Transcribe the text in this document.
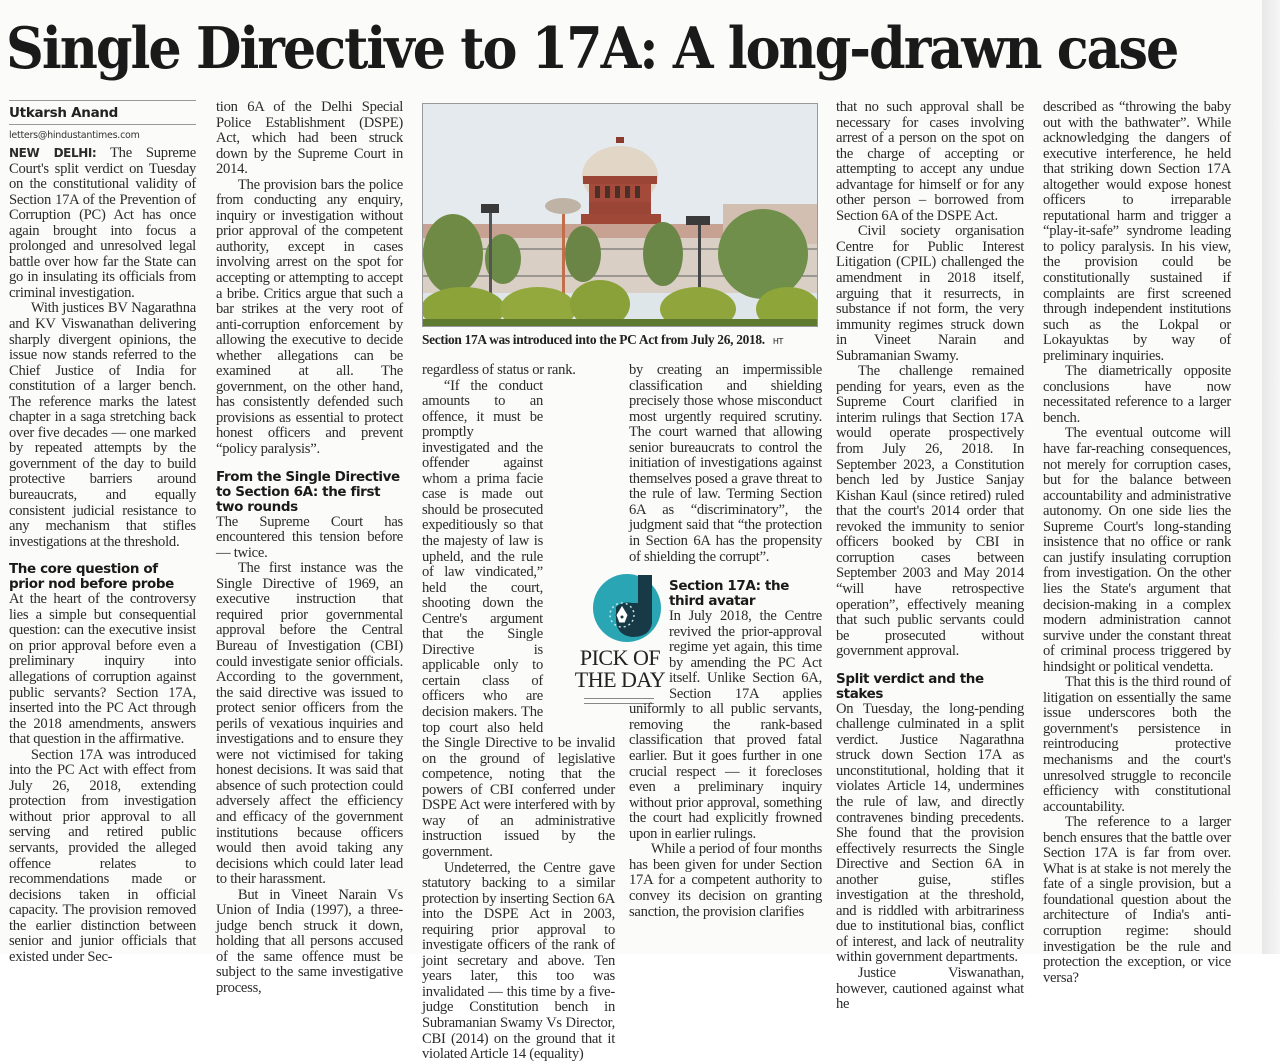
Single Directive to 17A: A long-drawn case
Utkarsh Anand
letters@hindustantimes.com

NEW DELHI: The Supreme Court's split verdict on Tuesday on the constitutional validity of Section 17A of the Prevention of Corruption (PC) Act has once again brought into focus a prolonged and unresolved legal battle over how far the State can go in insulating its officials from criminal investigation.

With justices BV Nagarathna and KV Viswanathan delivering sharply divergent opinions, the issue now stands referred to the Chief Justice of India for constitution of a larger bench. The reference marks the latest chapter in a saga stretching back over five decades — one marked by repeated attempts by the government of the day to build protective barriers around bureaucrats, and equally consistent judicial resistance to any mechanism that stifles investigations at the threshold.

The core question of prior nod before probe

At the heart of the controversy lies a simple but consequential question: can the executive insist on prior approval before even a preliminary inquiry into allegations of corruption against public servants? Section 17A, inserted into the PC Act through the 2018 amendments, answers that question in the affirmative.

Section 17A was introduced into the PC Act with effect from July 26, 2018, extending protection from investigation without prior approval to all serving and retired public servants, provided the alleged offence relates to recommendations made or decisions taken in official capacity. The provision removed the earlier distinction between senior and junior officials that existed under Sec-

tion 6A of the Delhi Special Police Establishment (DSPE) Act, which had been struck down by the Supreme Court in 2014.

The provision bars the police from conducting any enquiry, inquiry or investigation without prior approval of the competent authority, except in cases involving arrest on the spot for accepting or attempting to accept a bribe. Critics argue that such a bar strikes at the very root of anti-corruption enforcement by allowing the executive to decide whether allegations can be examined at all. The government, on the other hand, has consistently defended such provisions as essential to protect honest officers and prevent “policy paralysis”.

From the Single Directive to Section 6A: the first two rounds

The Supreme Court has encountered this tension before — twice.

The first instance was the Single Directive of 1969, an executive instruction that required prior governmental approval before the Central Bureau of Investigation (CBI) could investigate senior officials. According to the government, the said directive was issued to protect senior officers from the perils of vexatious inquiries and investigations and to ensure they were not victimised for taking honest decisions. It was said that absence of such protection could adversely affect the efficiency and efficacy of the government institutions because officers would then avoid taking any decisions which could later lead to their harassment.

But in Vineet Narain Vs Union of India (1997), a three-judge bench struck it down, holding that all persons accused of the same offence must be subject to the same investigative process,

Section 17A was introduced into the PC Act from July 26, 2018. HT

regardless of status or rank.

“If the conduct amounts to an offence, it must be promptly investigated and the offender against whom a prima facie case is made out should be prosecuted expeditiously so that the majesty of law is upheld, and the rule of law vindicated,” held the court, shooting down the Centre's argument that the Single Directive is applicable only to certain class of officers who are decision makers. The top court also held the Single Directive to be invalid on the ground of legislative competence, noting that the powers of CBI conferred under DSPE Act were interfered with by way of an administrative instruction issued by the government.

Undeterred, the Centre gave statutory backing to a similar protection by inserting Section 6A into the DSPE Act in 2003, requiring prior approval to investigate officers of the rank of joint secretary and above. Ten years later, this too was invalidated — this time by a five-judge Constitution bench in Subramanian Swamy Vs Director, CBI (2014) on the ground that it violated Article 14 (equality)

PICK OF
THE DAY

by creating an impermissible classification and shielding precisely those whose misconduct most urgently required scrutiny. The court warned that allowing senior bureaucrats to control the initiation of investigations against themselves posed a grave threat to the rule of law. Terming Section 6A as “discriminatory”, the judgment said that “the protection in Section 6A has the propensity of shielding the corrupt”.

Section 17A: the third avatar

In July 2018, the Centre revived the prior-approval regime yet again, this time by amending the PC Act itself. Unlike Section 6A, Section 17A applies uniformly to all public servants, removing the rank-based classification that proved fatal earlier. But it goes further in one crucial respect — it forecloses even a preliminary inquiry without prior approval, something the court had explicitly frowned upon in earlier rulings.

While a period of four months has been given for under Section 17A for a competent authority to convey its decision on granting sanction, the provision clarifies

that no such approval shall be necessary for cases involving arrest of a person on the spot on the charge of accepting or attempting to accept any undue advantage for himself or for any other person – borrowed from Section 6A of the DSPE Act.

Civil society organisation Centre for Public Interest Litigation (CPIL) challenged the amendment in 2018 itself, arguing that it resurrects, in substance if not form, the very immunity regimes struck down in Vineet Narain and Subramanian Swamy.

The challenge remained pending for years, even as the Supreme Court clarified in interim rulings that Section 17A would operate prospectively from July 26, 2018. In September 2023, a Constitution bench led by Justice Sanjay Kishan Kaul (since retired) ruled that the court's 2014 order that revoked the immunity to senior officers booked by CBI in corruption cases between September 2003 and May 2014 “will have retrospective operation”, effectively meaning that such public servants could be prosecuted without government approval.

Split verdict and the stakes

On Tuesday, the long-pending challenge culminated in a split verdict. Justice Nagarathna struck down Section 17A as unconstitutional, holding that it violates Article 14, undermines the rule of law, and directly contravenes binding precedents. She found that the provision effectively resurrects the Single Directive and Section 6A in another guise, stifles investigation at the threshold, and is riddled with arbitrariness due to institutional bias, conflict of interest, and lack of neutrality within government departments.

Justice Viswanathan, however, cautioned against what he

described as “throwing the baby out with the bathwater”. While acknowledging the dangers of executive interference, he held that striking down Section 17A altogether would expose honest officers to irreparable reputational harm and trigger a “play-it-safe” syndrome leading to policy paralysis. In his view, the provision could be constitutionally sustained if complaints are first screened through independent institutions such as the Lokpal or Lokayuktas by way of preliminary inquiries.

The diametrically opposite conclusions have now necessitated reference to a larger bench.

The eventual outcome will have far-reaching consequences, not merely for corruption cases, but for the balance between accountability and administrative autonomy. On one side lies the Supreme Court's long-standing insistence that no office or rank can justify insulating corruption from investigation. On the other lies the State's argument that decision-making in a complex modern administration cannot survive under the constant threat of criminal process triggered by hindsight or political vendetta.

That this is the third round of litigation on essentially the same issue underscores both the government's persistence in reintroducing protective mechanisms and the court's unresolved struggle to reconcile efficiency with constitutional accountability.

The reference to a larger bench ensures that the battle over Section 17A is far from over. What is at stake is not merely the fate of a single provision, but a foundational question about the architecture of India's anti-corruption regime: should investigation be the rule and protection the exception, or vice versa?
